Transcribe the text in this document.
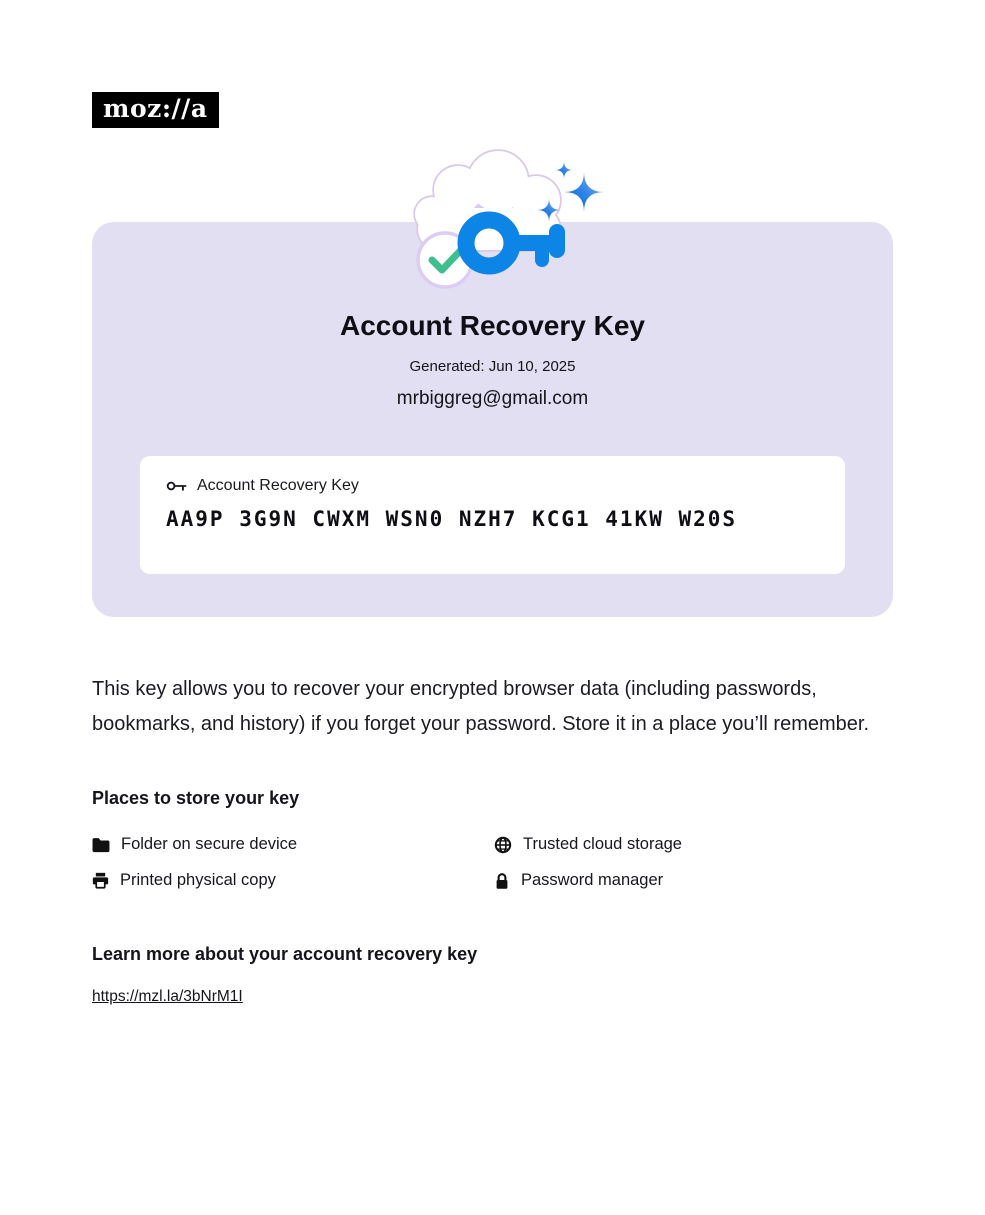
moz://a
Account Recovery Key
Generated: Jun 10, 2025
mrbiggreg@gmail.com
Account Recovery Key
AA9P 3G9N CWXM WSN0 NZH7 KCG1 41KW W20S

This key allows you to recover your encrypted browser data (including passwords, bookmarks, and history) if you forget your password. Store it in a place you’ll remember.

Places to store your key
Folder on secure device	Trusted cloud storage
Printed physical copy	Password manager
Learn more about your account recovery key
https://mzl.la/3bNrM1I
